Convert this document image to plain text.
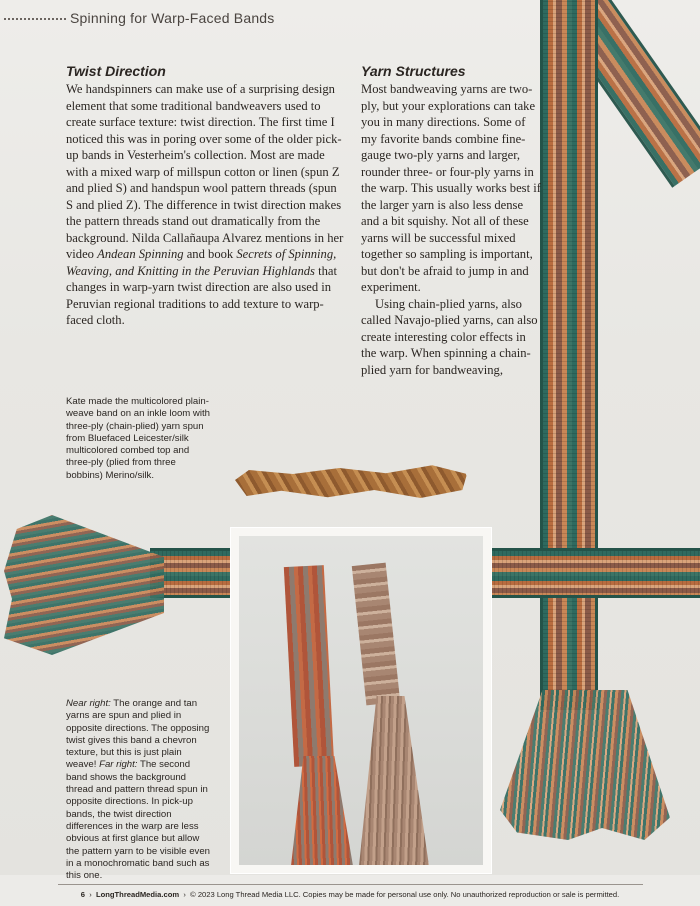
Spinning for Warp-Faced Bands
Twist Direction

We handspinners can make use of a surprising design element that some traditional bandweavers used to create surface texture: twist direction. The first time I noticed this was in poring over some of the older pick-up bands in Vesterheim's collection. Most are made with a mixed warp of millspun cotton or linen (spun Z and plied S) and handspun wool pattern threads (spun S and plied Z). The difference in twist direction makes the pattern threads stand out dramatically from the background. Nilda Callañaupa Alvarez mentions in her video Andean Spinning and book Secrets of Spinning, Weaving, and Knitting in the Peruvian Highlands that changes in warp-yarn twist direction are also used in Peruvian regional traditions to add texture to warp-faced cloth.

Yarn Structures

Most bandweaving yarns are two-ply, but your explorations can take you in many directions. Some of my favorite bands combine fine-gauge two-ply yarns and larger, rounder three- or four-ply yarns in the warp. This usually works best if the larger yarn is also less dense and a bit squishy. Not all of these yarns will be successful mixed together so sampling is important, but don't be afraid to jump in and experiment.

Using chain-plied yarns, also called Navajo-plied yarns, can also create interesting color effects in the warp. When spinning a chain-plied yarn for bandweaving,

Kate made the multicolored plain-weave band on an inkle loom with three-ply (chain-plied) yarn spun from Bluefaced Leicester/silk multicolored combed top and three-ply (plied from three bobbins) Merino/silk.
Near right: The orange and tan yarns are spun and plied in opposite directions. The opposing twist gives this band a chevron texture, but this is just plain weave! Far right: The second band shows the background thread and pattern thread spun in opposite directions. In pick-up bands, the twist direction differences in the warp are less obvious at first glance but allow the pattern yarn to be visible even in a monochromatic band such as this one.
6  ›  LongThreadMedia.com  ›  © 2023 Long Thread Media LLC. Copies may be made for personal use only. No unauthorized reproduction or sale is permitted.
